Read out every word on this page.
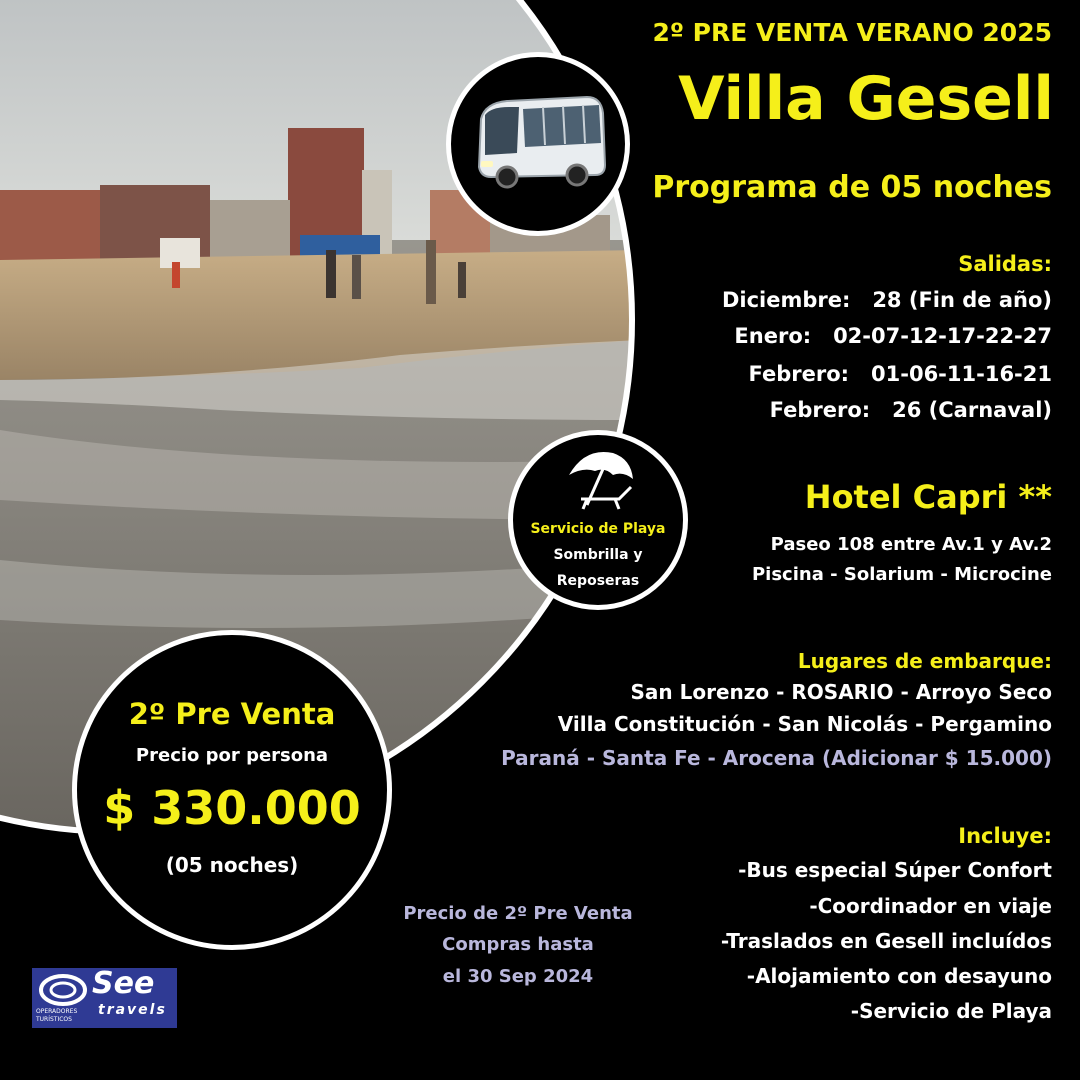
2º PRE VENTA VERANO 2025
Villa Gesell
Programa de 05 noches
Salidas:
Diciembre:   28 (Fin de año)
Enero:   02-07-12-17-22-27
Febrero:   01-06-11-16-21
Febrero:   26 (Carnaval)
Hotel Capri **
Paseo 108 entre Av.1 y Av.2
Piscina - Solarium - Microcine
Lugares de embarque:
San Lorenzo - ROSARIO - Arroyo Seco
Villa Constitución - San Nicolás - Pergamino
Paraná - Santa Fe - Arocena (Adicionar $ 15.000)
Incluye:
-Bus especial Súper Confort
-Coordinador en viaje
-Traslados en Gesell incluídos
-Alojamiento con desayuno
-Servicio de Playa
Servicio de Playa
Sombrilla y
Reposeras
2º Pre Venta
Precio por persona
$ 330.000
(05 noches)
Precio de 2º Pre Venta
Compras hasta
el 30 Sep 2024
See
travels
OPERADORES
TURÍSTICOS
